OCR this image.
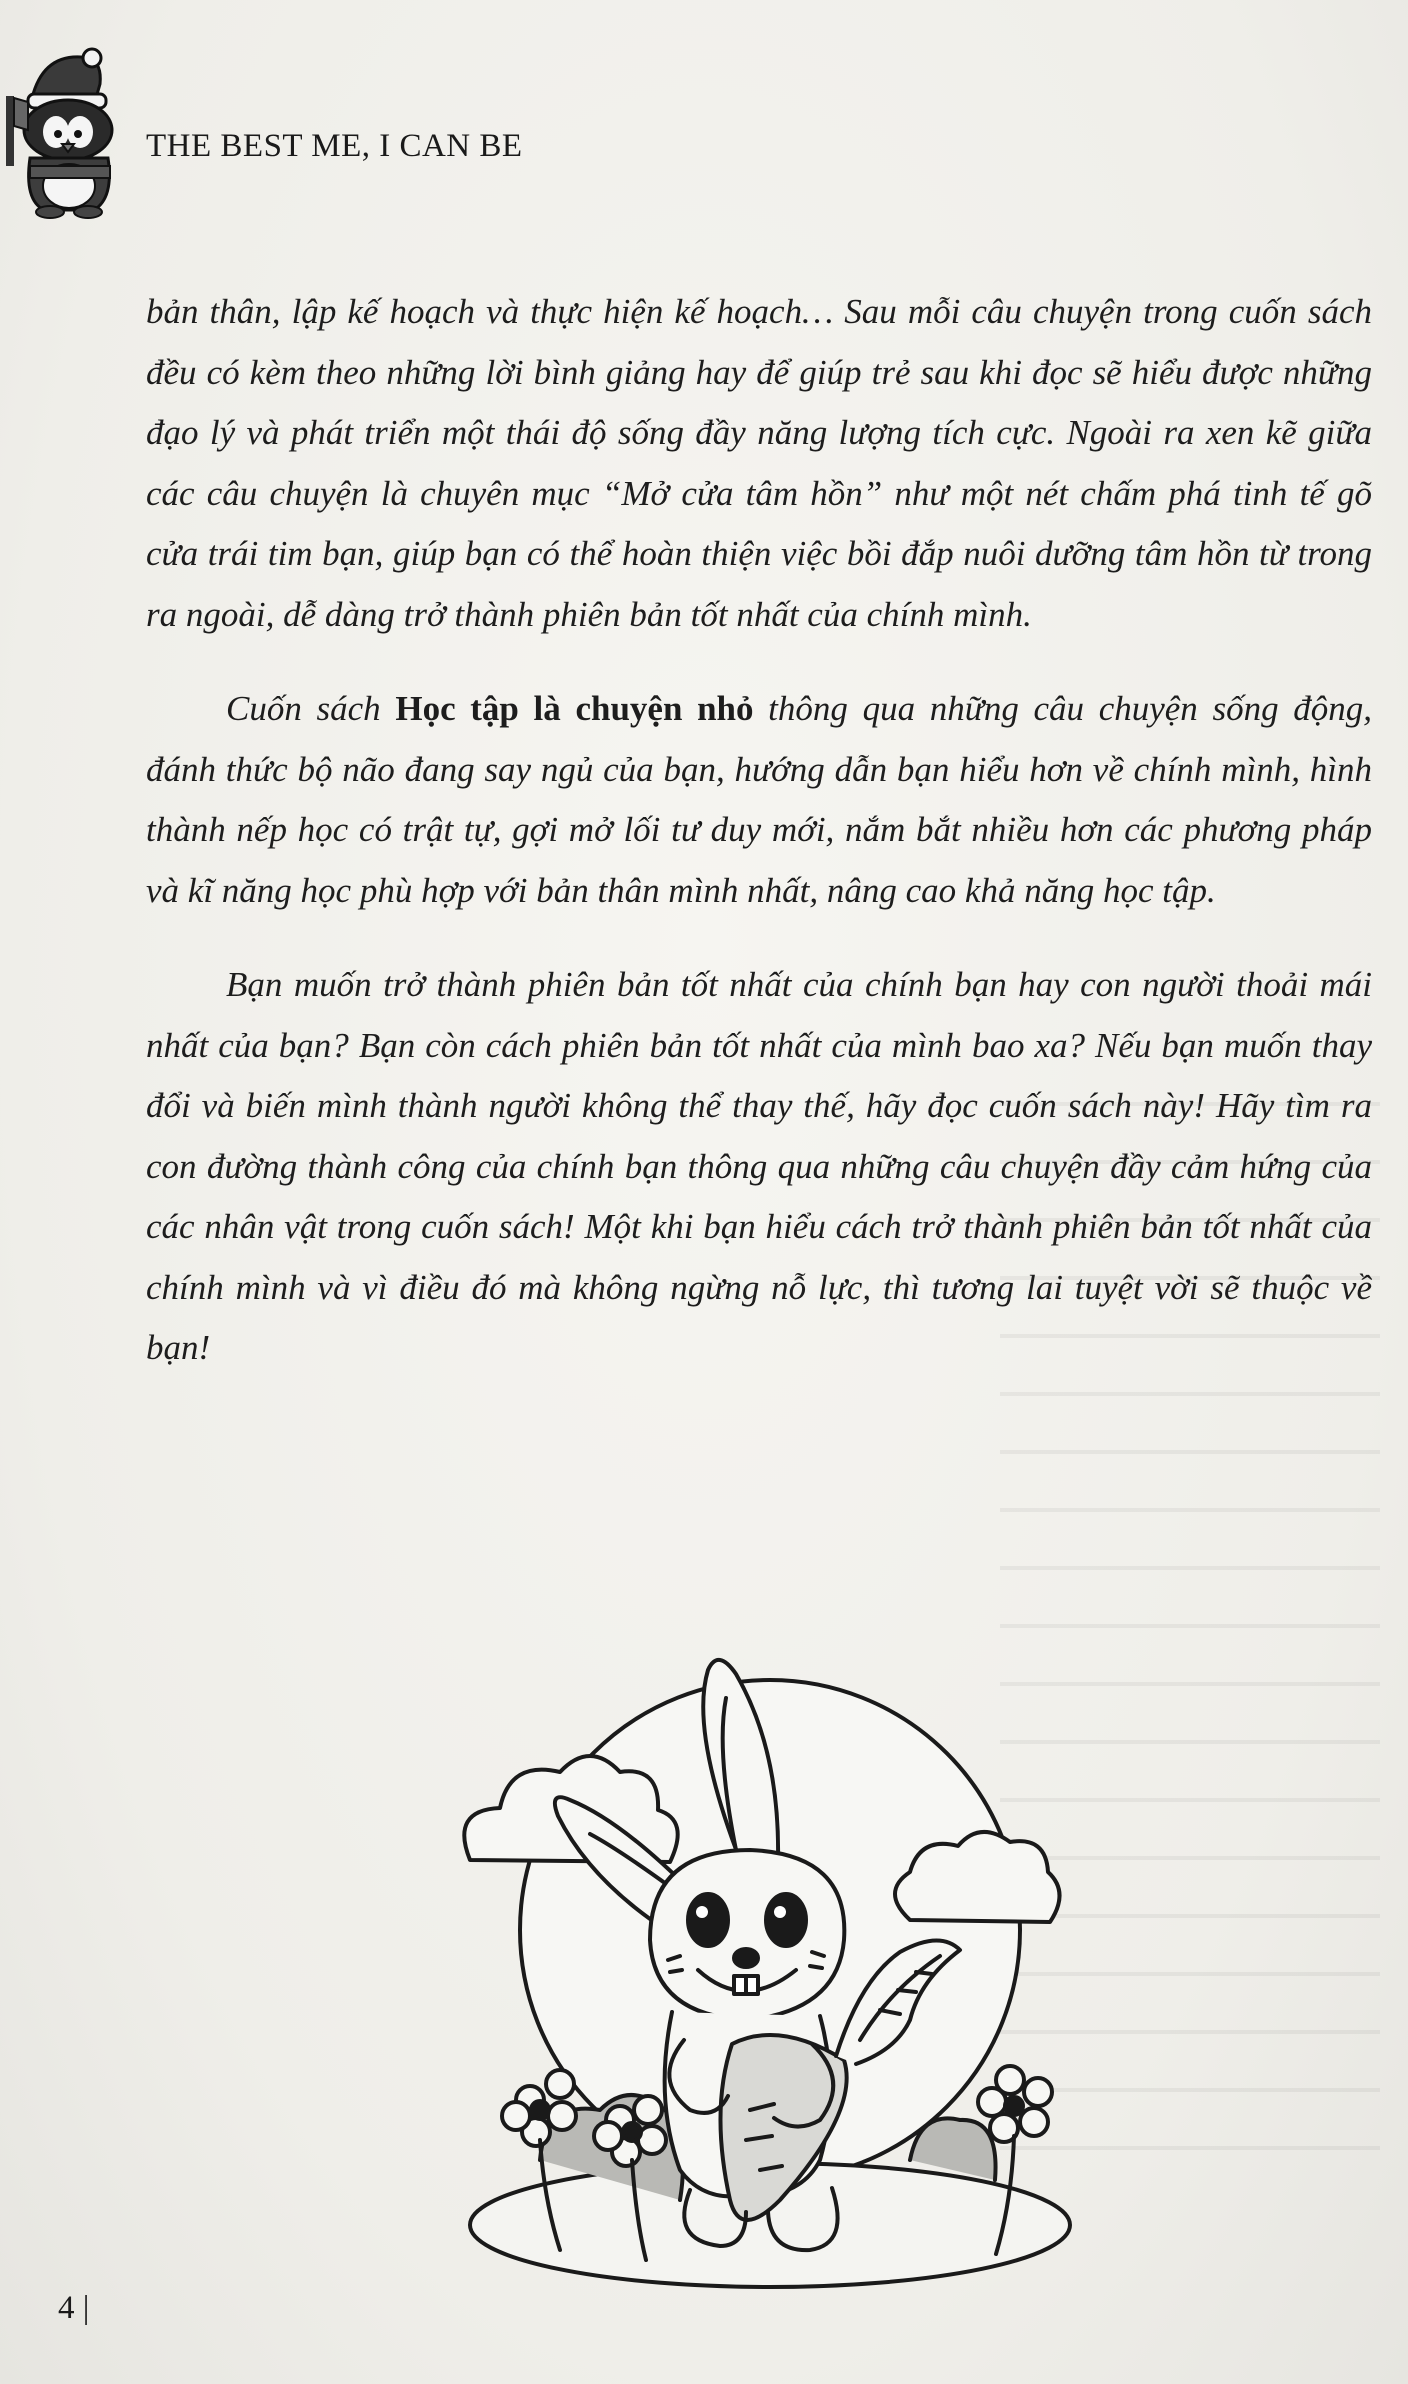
THE BEST ME, I CAN BE

bản thân, lập kế hoạch và thực hiện kế hoạch… Sau mỗi câu chuyện trong cuốn sách đều có kèm theo những lời bình giảng hay để giúp trẻ sau khi đọc sẽ hiểu được những đạo lý và phát triển một thái độ sống đầy năng lượng tích cực. Ngoài ra xen kẽ giữa các câu chuyện là chuyên mục “Mở cửa tâm hồn” như một nét chấm phá tinh tế gõ cửa trái tim bạn, giúp bạn có thể hoàn thiện việc bồi đắp nuôi dưỡng tâm hồn từ trong ra ngoài, dễ dàng trở thành phiên bản tốt nhất của chính mình.

Cuốn sách Học tập là chuyện nhỏ thông qua những câu chuyện sống động, đánh thức bộ não đang say ngủ của bạn, hướng dẫn bạn hiểu hơn về chính mình, hình thành nếp học có trật tự, gợi mở lối tư duy mới, nắm bắt nhiều hơn các phương pháp và kĩ năng học phù hợp với bản thân mình nhất, nâng cao khả năng học tập.

Bạn muốn trở thành phiên bản tốt nhất của chính bạn hay con người thoải mái nhất của bạn? Bạn còn cách phiên bản tốt nhất của mình bao xa? Nếu bạn muốn thay đổi và biến mình thành người không thể thay thế, hãy đọc cuốn sách này! Hãy tìm ra con đường thành công của chính bạn thông qua những câu chuyện đầy cảm hứng của các nhân vật trong cuốn sách! Một khi bạn hiểu cách trở thành phiên bản tốt nhất của chính mình và vì điều đó mà không ngừng nỗ lực, thì tương lai tuyệt vời sẽ thuộc về bạn!

4 |
